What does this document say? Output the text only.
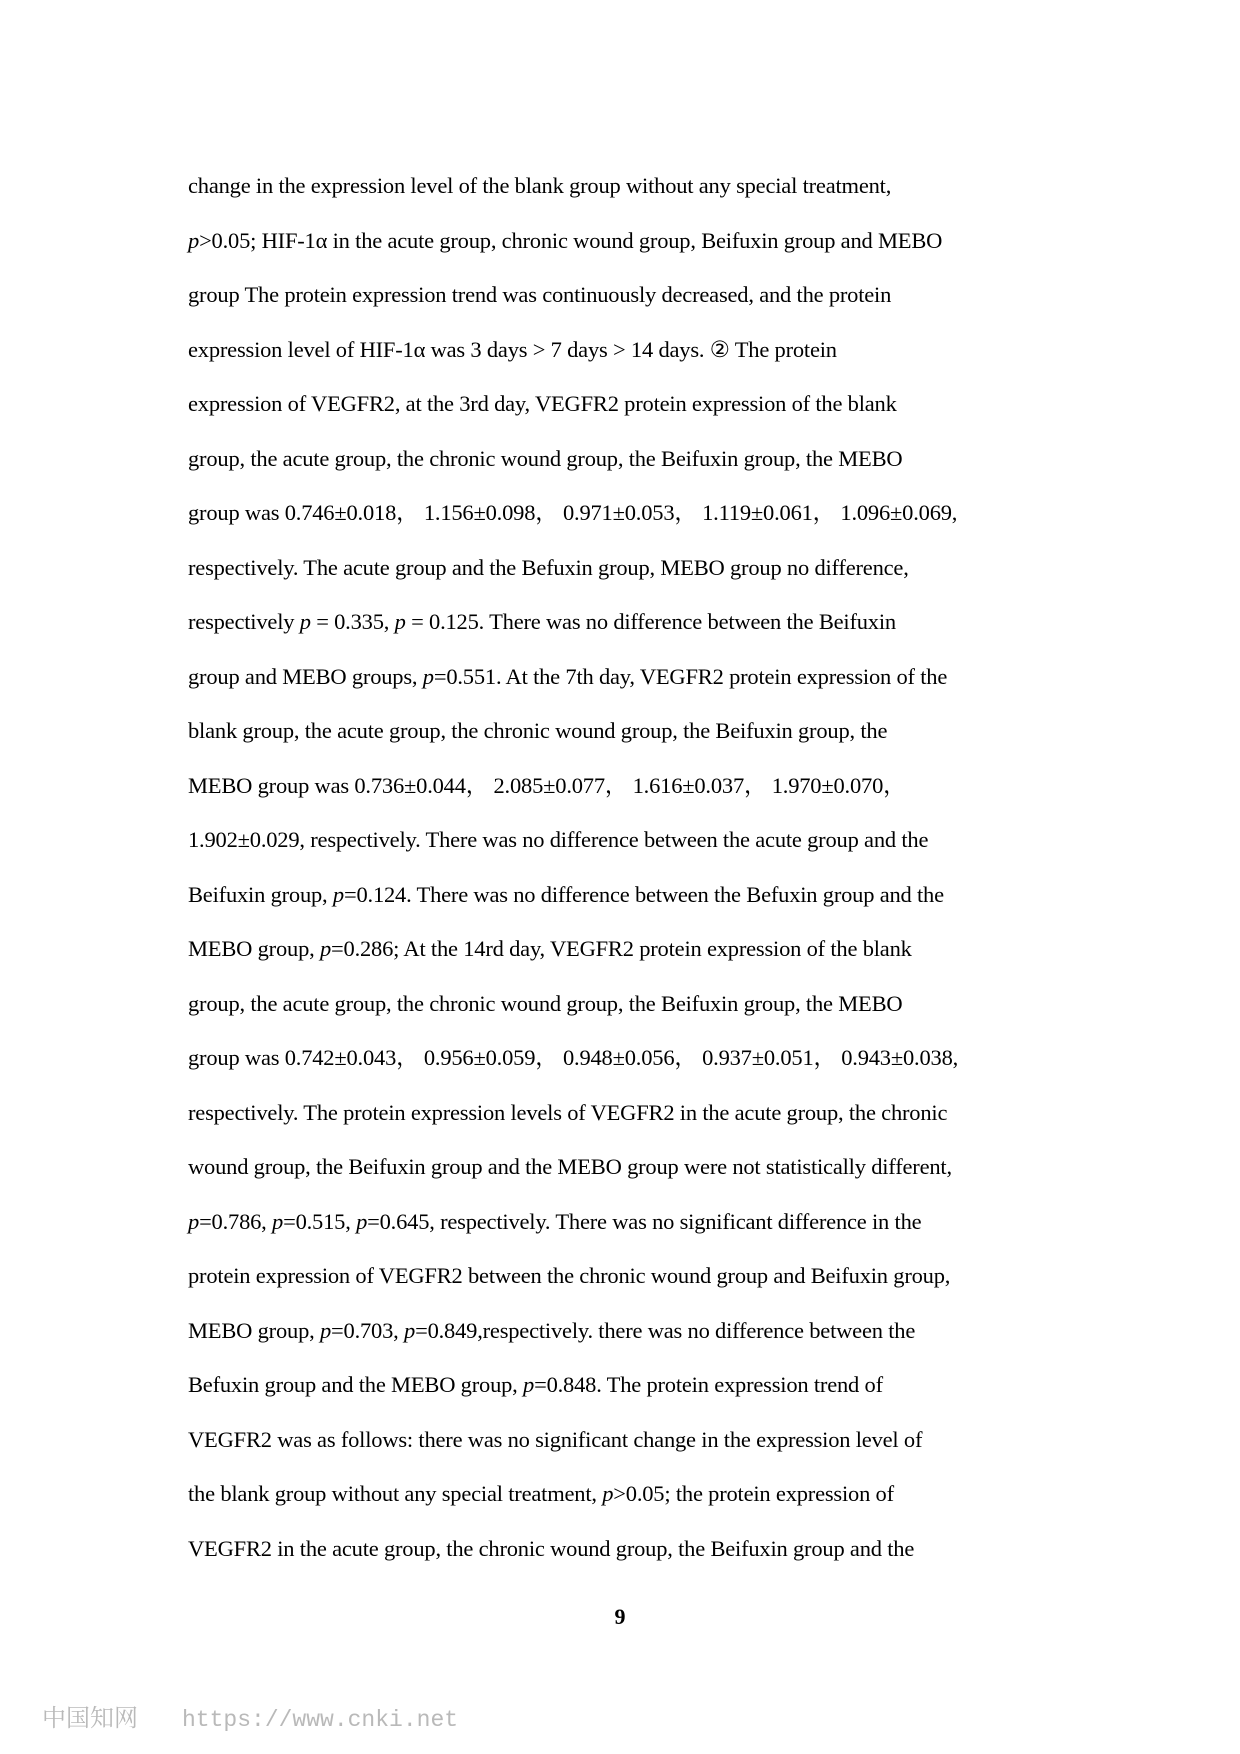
change in the expression level of the blank group without any special treatment,
p>0.05; HIF-1α in the acute group, chronic wound group, Beifuxin group and MEBO
group The protein expression trend was continuously decreased, and the protein
expression level of HIF-1α was 3 days > 7 days > 14 days. ② The protein
expression of VEGFR2, at the 3rd day, VEGFR2 protein expression of the blank
group, the acute group, the chronic wound group, the Beifuxin group, the MEBO
group was 0.746±0.018， 1.156±0.098， 0.971±0.053， 1.119±0.061， 1.096±0.069,
respectively. The acute group and the Befuxin group, MEBO group no difference,
respectively p = 0.335, p = 0.125. There was no difference between the Beifuxin
group and MEBO groups, p=0.551. At the 7th day, VEGFR2 protein expression of the
blank group, the acute group, the chronic wound group, the Beifuxin group, the
MEBO group was 0.736±0.044， 2.085±0.077， 1.616±0.037， 1.970±0.070，
1.902±0.029, respectively. There was no difference between the acute group and the
Beifuxin group, p=0.124. There was no difference between the Befuxin group and the
MEBO group, p=0.286; At the 14rd day, VEGFR2 protein expression of the blank
group, the acute group, the chronic wound group, the Beifuxin group, the MEBO
group was 0.742±0.043， 0.956±0.059， 0.948±0.056， 0.937±0.051， 0.943±0.038,
respectively. The protein expression levels of VEGFR2 in the acute group, the chronic
wound group, the Beifuxin group and the MEBO group were not statistically different,
p=0.786, p=0.515, p=0.645, respectively. There was no significant difference in the
protein expression of VEGFR2 between the chronic wound group and Beifuxin group,
MEBO group, p=0.703, p=0.849,respectively. there was no difference between the
Befuxin group and the MEBO group, p=0.848. The protein expression trend of
VEGFR2 was as follows: there was no significant change in the expression level of
the blank group without any special treatment, p>0.05; the protein expression of
VEGFR2 in the acute group, the chronic wound group, the Beifuxin group and the
9
中国知网 https://www.cnki.net
